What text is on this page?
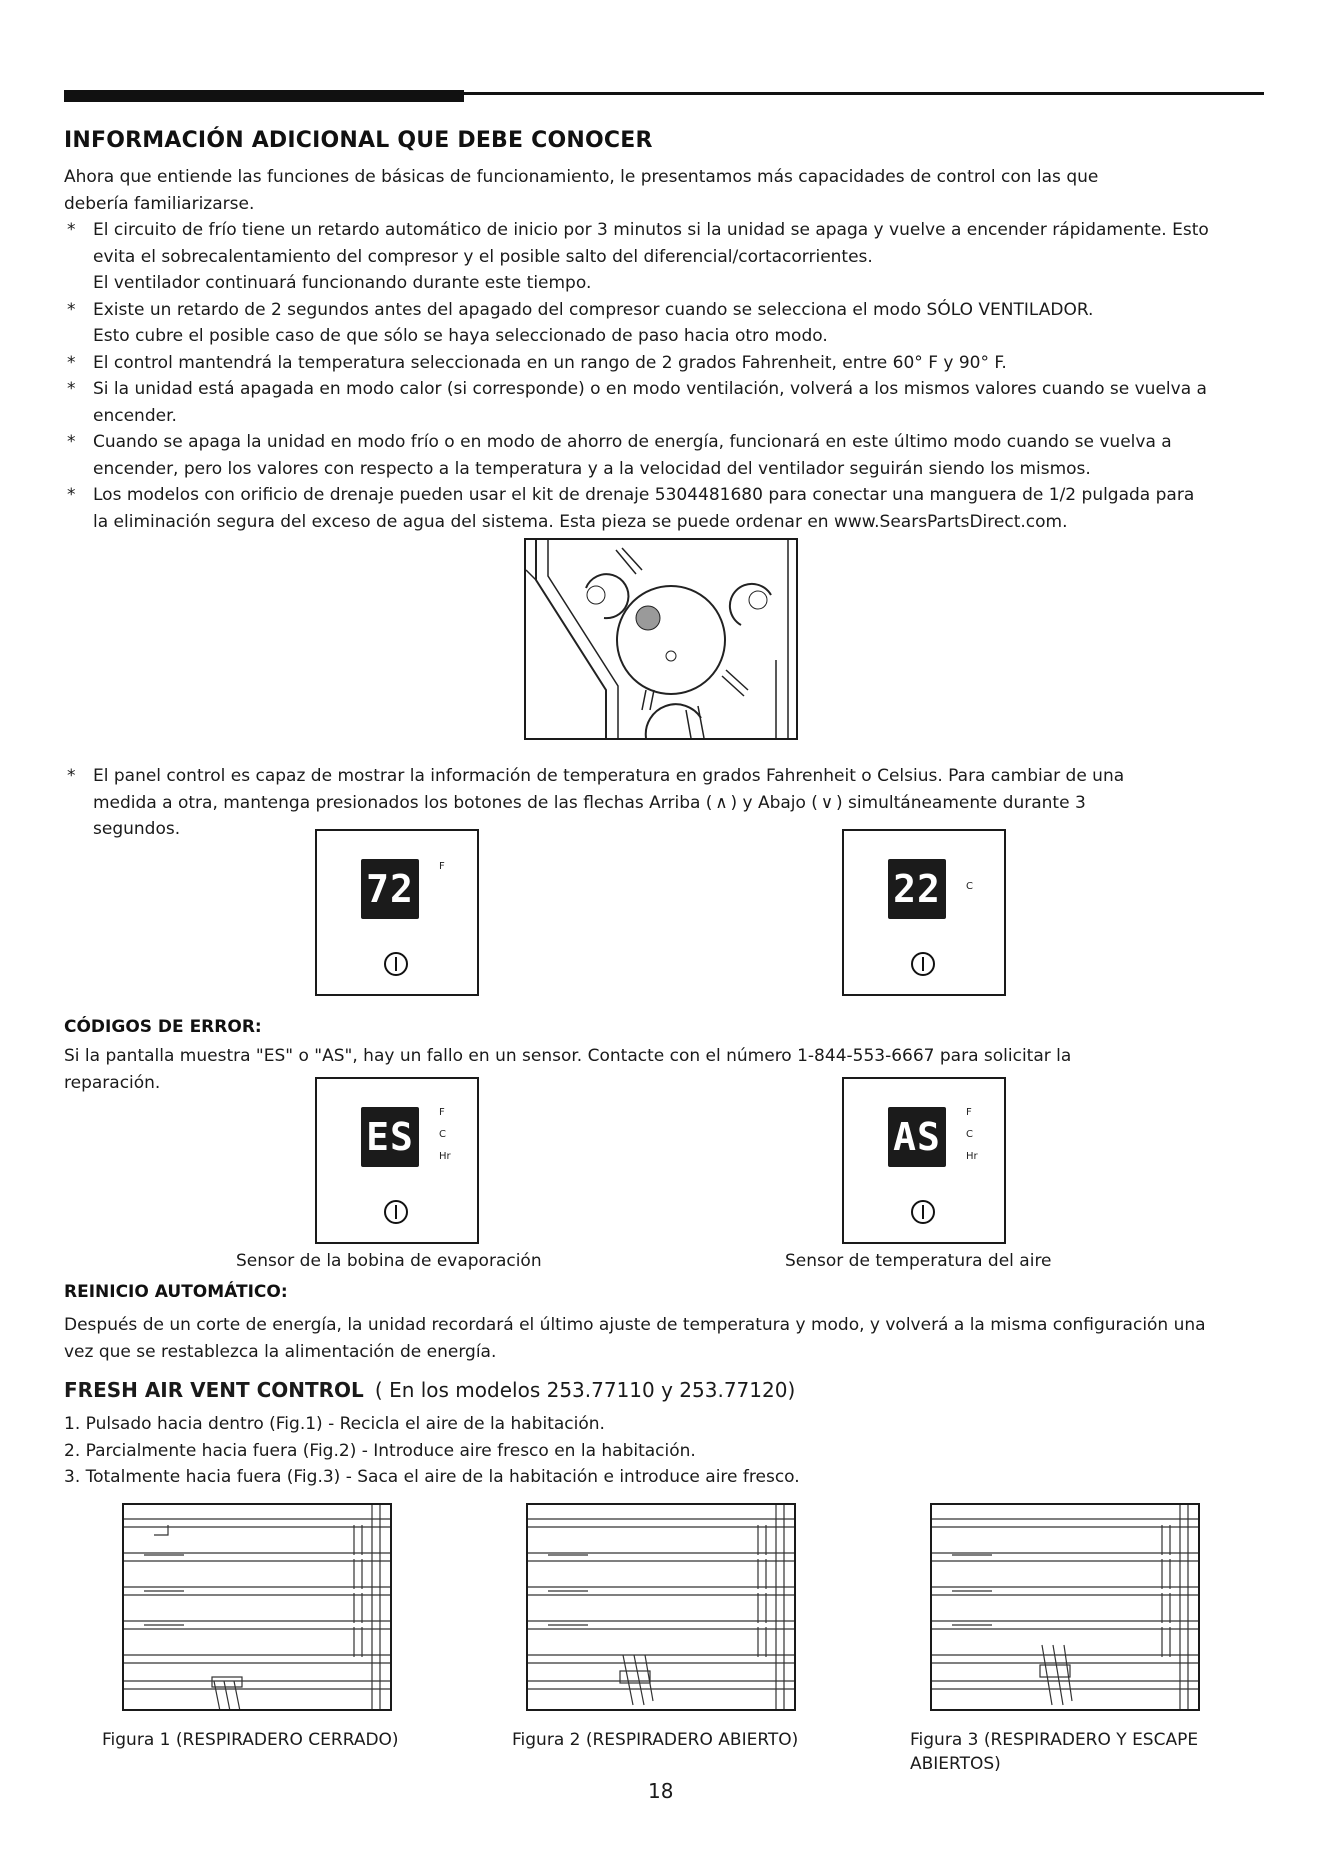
INFORMACIÓN ADICIONAL QUE DEBE CONOCER
Ahora que entiende las funciones de básicas de funcionamiento, le presentamos más capacidades de control con las que debería familiarizarse.
*	El circuito de frío tiene un retardo automático de inicio por 3 minutos si la unidad se apaga y vuelve a encender rápidamente. Esto evita el sobrecalentamiento del compresor y el posible salto del diferencial/cortacorrientes.
El ventilador continuará funcionando durante este tiempo.
*	Existe un retardo de 2 segundos antes del apagado del compresor cuando se selecciona el modo SÓLO VENTILADOR.
Esto cubre el posible caso de que sólo se haya seleccionado de paso hacia otro modo.
*	El control mantendrá la temperatura seleccionada en un rango de 2 grados Fahrenheit, entre 60° F y 90° F.
*	Si la unidad está apagada en modo calor (si corresponde) o en modo ventilación, volverá a los mismos valores cuando se vuelva a encender.
*	Cuando se apaga la unidad en modo frío o en modo de ahorro de energía, funcionará en este último modo cuando se vuelva a encender, pero los valores con respecto a la temperatura y a la velocidad del ventilador seguirán siendo los mismos.
*	Los modelos con orificio de drenaje pueden usar el kit de drenaje 5304481680 para conectar una manguera de 1/2 pulgada para la eliminación segura del exceso de agua del sistema. Esta pieza se puede ordenar en www.SearsPartsDirect.com.
*	El panel control es capaz de mostrar la información de temperatura en grados Fahrenheit o Celsius. Para cambiar de una medida a otra, mantenga presionados los botones de las flechas Arriba ( ∧ ) y Abajo ( ∨ ) simultáneamente durante 3 segundos.
72
F
22	C
CÓDIGOS DE ERROR:
Si la pantalla muestra "ES" o "AS", hay un fallo en un sensor. Contacte con el número 1-844-553-6667 para solicitar la reparación.
ES
F
C
Hr	AS
F
C
Hr
Sensor de la bobina de evaporación	Sensor de temperatura del aire
REINICIO AUTOMÁTICO:
Después de un corte de energía, la unidad recordará el último ajuste de temperatura y modo, y volverá a la misma configuración una vez que se restablezca la alimentación de energía.
FRESH AIR VENT CONTROL ( En los modelos 253.77110 y 253.77120)
1. Pulsado hacia dentro (Fig.1) - Recicla el aire de la habitación.
2. Parcialmente hacia fuera (Fig.2) - Introduce aire fresco en la habitación.
3. Totalmente hacia fuera (Fig.3) - Saca el aire de la habitación e introduce aire fresco.
Figura 1 (RESPIRADERO CERRADO)	Figura 2 (RESPIRADERO ABIERTO)	Figura 3 (RESPIRADERO Y ESCAPE ABIERTOS)
18
